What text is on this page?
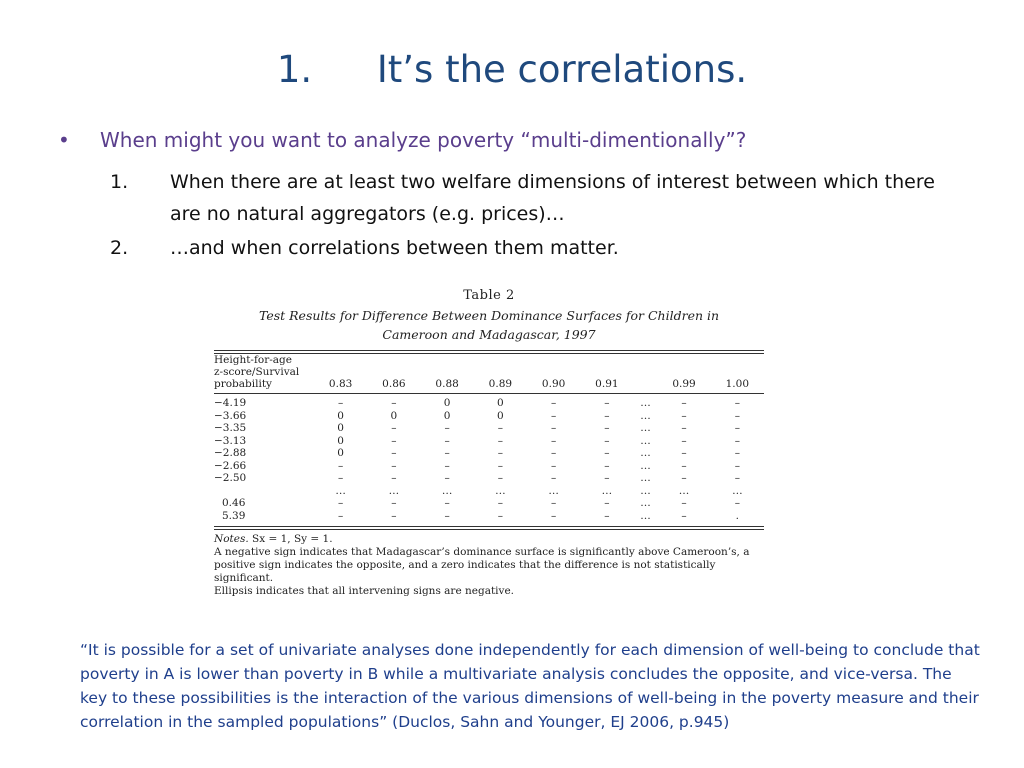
1. It’s the correlations.
•	When might you want to analyze poverty “multi-dimentionally”?
1.	When there are at least two welfare dimensions of interest between which there are no natural aggregators (e.g. prices)…
2.	…and when correlations between them matter.
Table 2
Test Results for Difference Between Dominance Surfaces for Children in Cameroon and Madagascar, 1997
Height-for-age
z-score/Survival
probability	0.83	0.86	0.88	0.89	0.90	0.91		0.99	1.00

−4.19	–	–	0	0	–	–	…	–	–
−3.66	0	0	0	0	–	–	…	–	–
−3.35	0	–	–	–	–	–	…	–	–
−3.13	0	–	–	–	–	–	…	–	–
−2.88	0	–	–	–	–	–	…	–	–
−2.66	–	–	–	–	–	–	…	–	–
−2.50	–	–	–	–	–	–	…	–	–
	…	…	…	…	…	…	…	…	…
0.46	–	–	–	–	–	–	…	–	–
5.39	–	–	–	–	–	–	…	–	.
Notes. Sx = 1, Sy = 1.
A negative sign indicates that Madagascar’s dominance surface is significantly above Cameroon’s, a positive sign indicates the opposite, and a zero indicates that the difference is not statistically significant.
Ellipsis indicates that all intervening signs are negative.
“It is possible for a set of univariate analyses done independently for each dimension of well-being to conclude that poverty in A is lower than poverty in B while a multivariate analysis concludes the opposite, and vice-versa. The key to these possibilities is the interaction of the various dimensions of well-being in the poverty measure and their correlation in the sampled populations” (Duclos, Sahn and Younger, EJ 2006, p.945)
